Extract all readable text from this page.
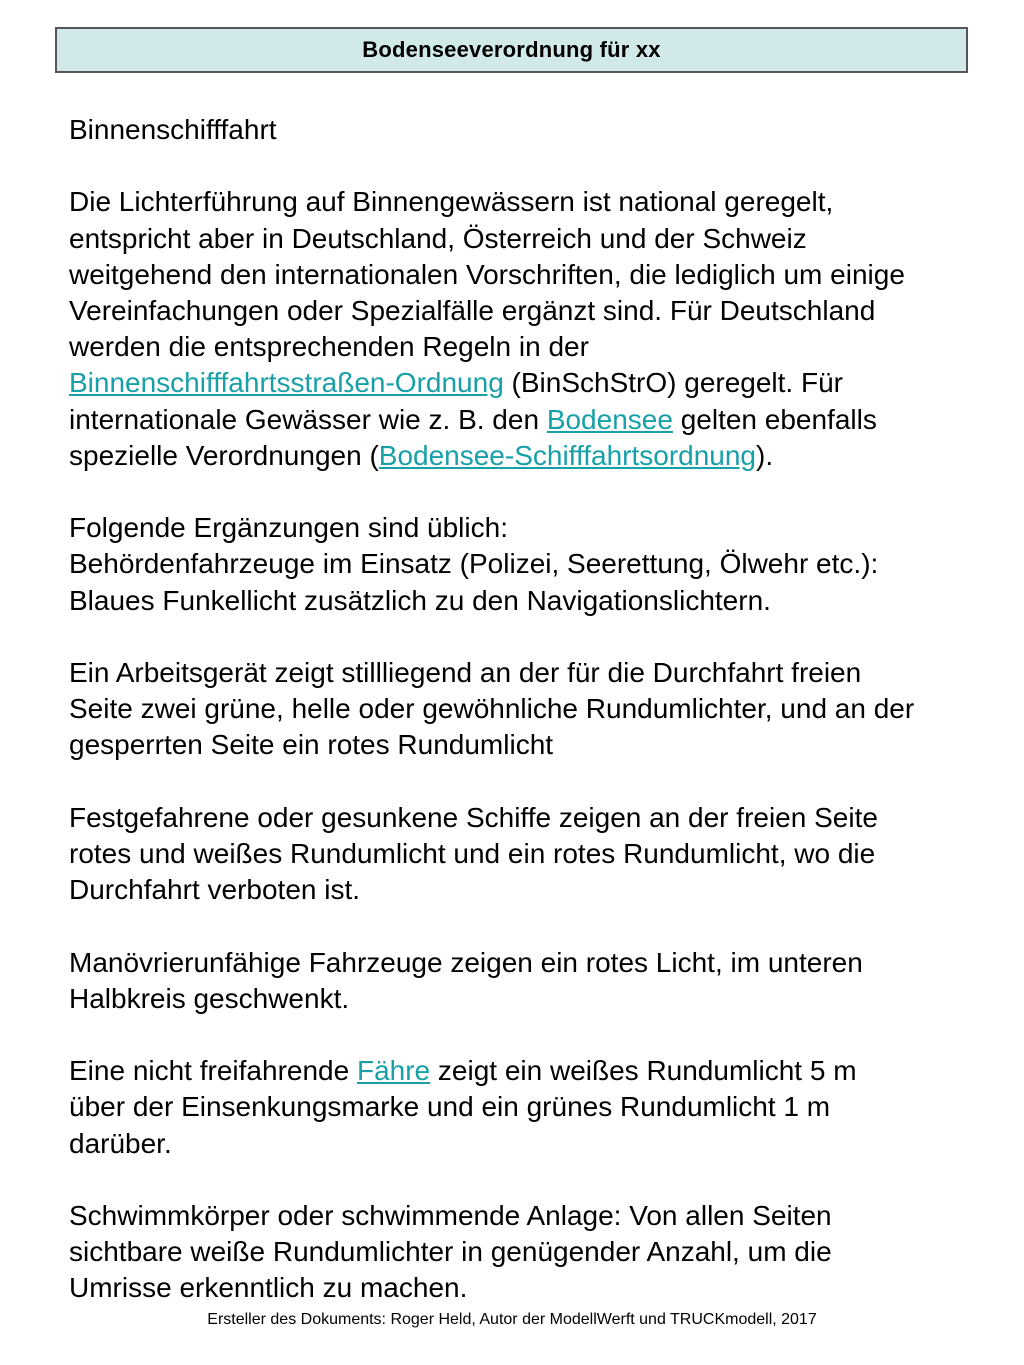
Bodenseeverordnung für xx
Binnenschifffahrt
Die Lichterführung auf Binnengewässern ist national geregelt,
entspricht aber in Deutschland, Österreich und der Schweiz
weitgehend den internationalen Vorschriften, die lediglich um einige
Vereinfachungen oder Spezialfälle ergänzt sind. Für Deutschland
werden die entsprechenden Regeln in der
Binnenschifffahrtsstraßen-Ordnung (BinSchStrO) geregelt. Für
internationale Gewässer wie z. B. den Bodensee gelten ebenfalls
spezielle Verordnungen (Bodensee-Schifffahrtsordnung).
Folgende Ergänzungen sind üblich:
Behördenfahrzeuge im Einsatz (Polizei, Seerettung, Ölwehr etc.):
Blaues Funkellicht zusätzlich zu den Navigationslichtern.
Ein Arbeitsgerät zeigt stillliegend an der für die Durchfahrt freien
Seite zwei grüne, helle oder gewöhnliche Rundumlichter, und an der
gesperrten Seite ein rotes Rundumlicht
Festgefahrene oder gesunkene Schiffe zeigen an der freien Seite
rotes und weißes Rundumlicht und ein rotes Rundumlicht, wo die
Durchfahrt verboten ist.
Manövrierunfähige Fahrzeuge zeigen ein rotes Licht, im unteren
Halbkreis geschwenkt.
Eine nicht freifahrende Fähre zeigt ein weißes Rundumlicht 5 m
über der Einsenkungsmarke und ein grünes Rundumlicht 1 m
darüber.
Schwimmkörper oder schwimmende Anlage: Von allen Seiten
sichtbare weiße Rundumlichter in genügender Anzahl, um die
Umrisse erkenntlich zu machen.
Ersteller des Dokuments: Roger Held, Autor der ModellWerft und TRUCKmodell, 2017
